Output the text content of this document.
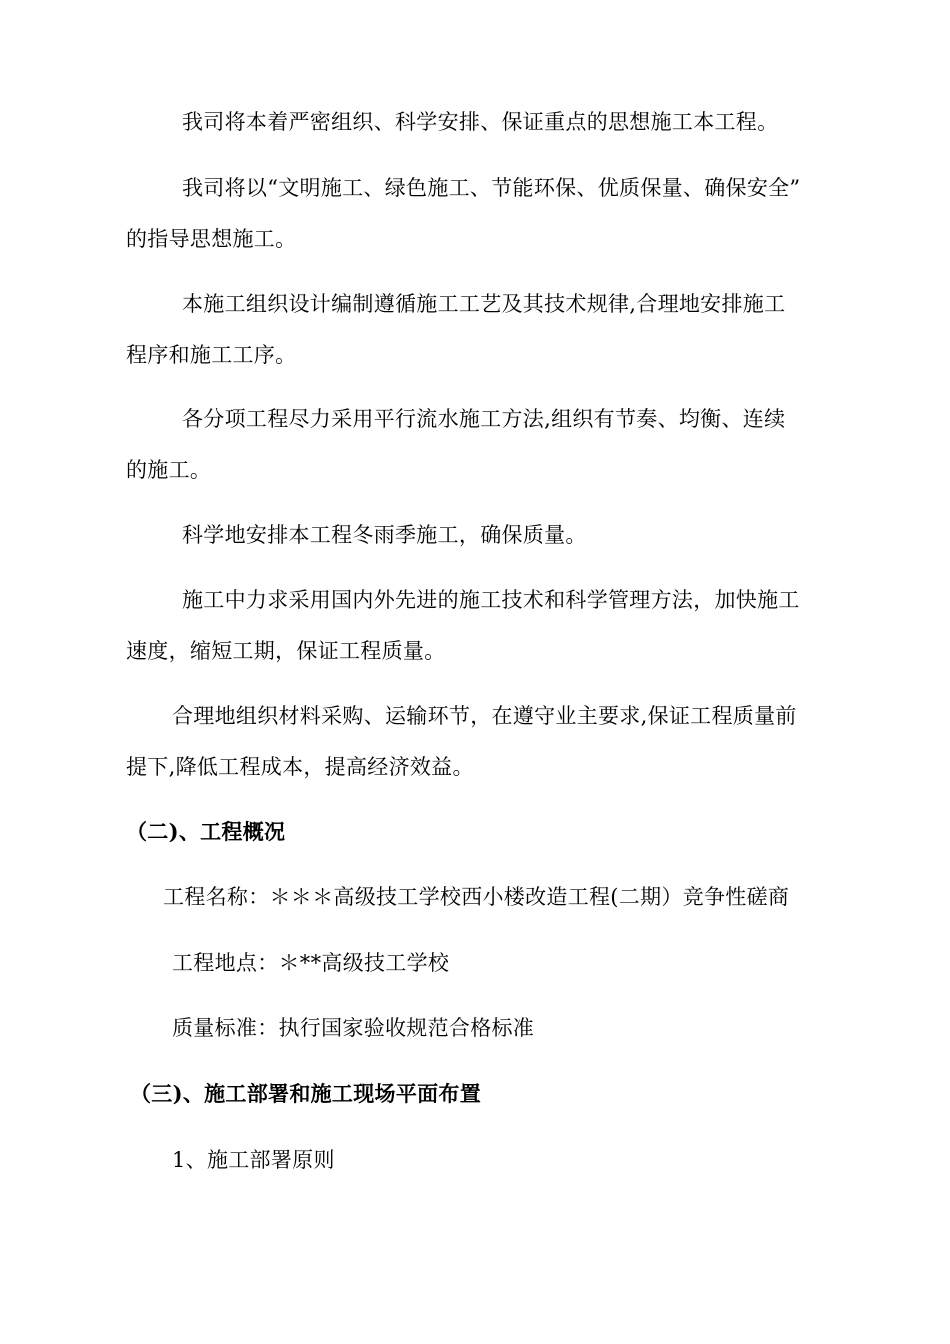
我司将本着严密组织、科学安排、保证重点的思想施工本工程。
我司将以“文明施工、绿色施工、节能环保、优质保量、确保安全”
的指导思想施工。
本施工组织设计编制遵循施工工艺及其技术规律,合理地安排施工
程序和施工工序。
各分项工程尽力采用平行流水施工方法,组织有节奏、均衡、连续
的施工。
科学地安排本工程冬雨季施工，确保质量。
施工中力求采用国内外先进的施工技术和科学管理方法，加快施工
速度，缩短工期，保证工程质量。
合理地组织材料采购、运输环节，在遵守业主要求,保证工程质量前
提下,降低工程成本，提高经济效益。
（二)、工程概况
工程名称：＊＊＊高级技工学校西小楼改造工程(二期）竞争性磋商
工程地点：＊**高级技工学校
质量标准：执行国家验收规范合格标准
（三)、施工部署和施工现场平面布置
1、施工部署原则
